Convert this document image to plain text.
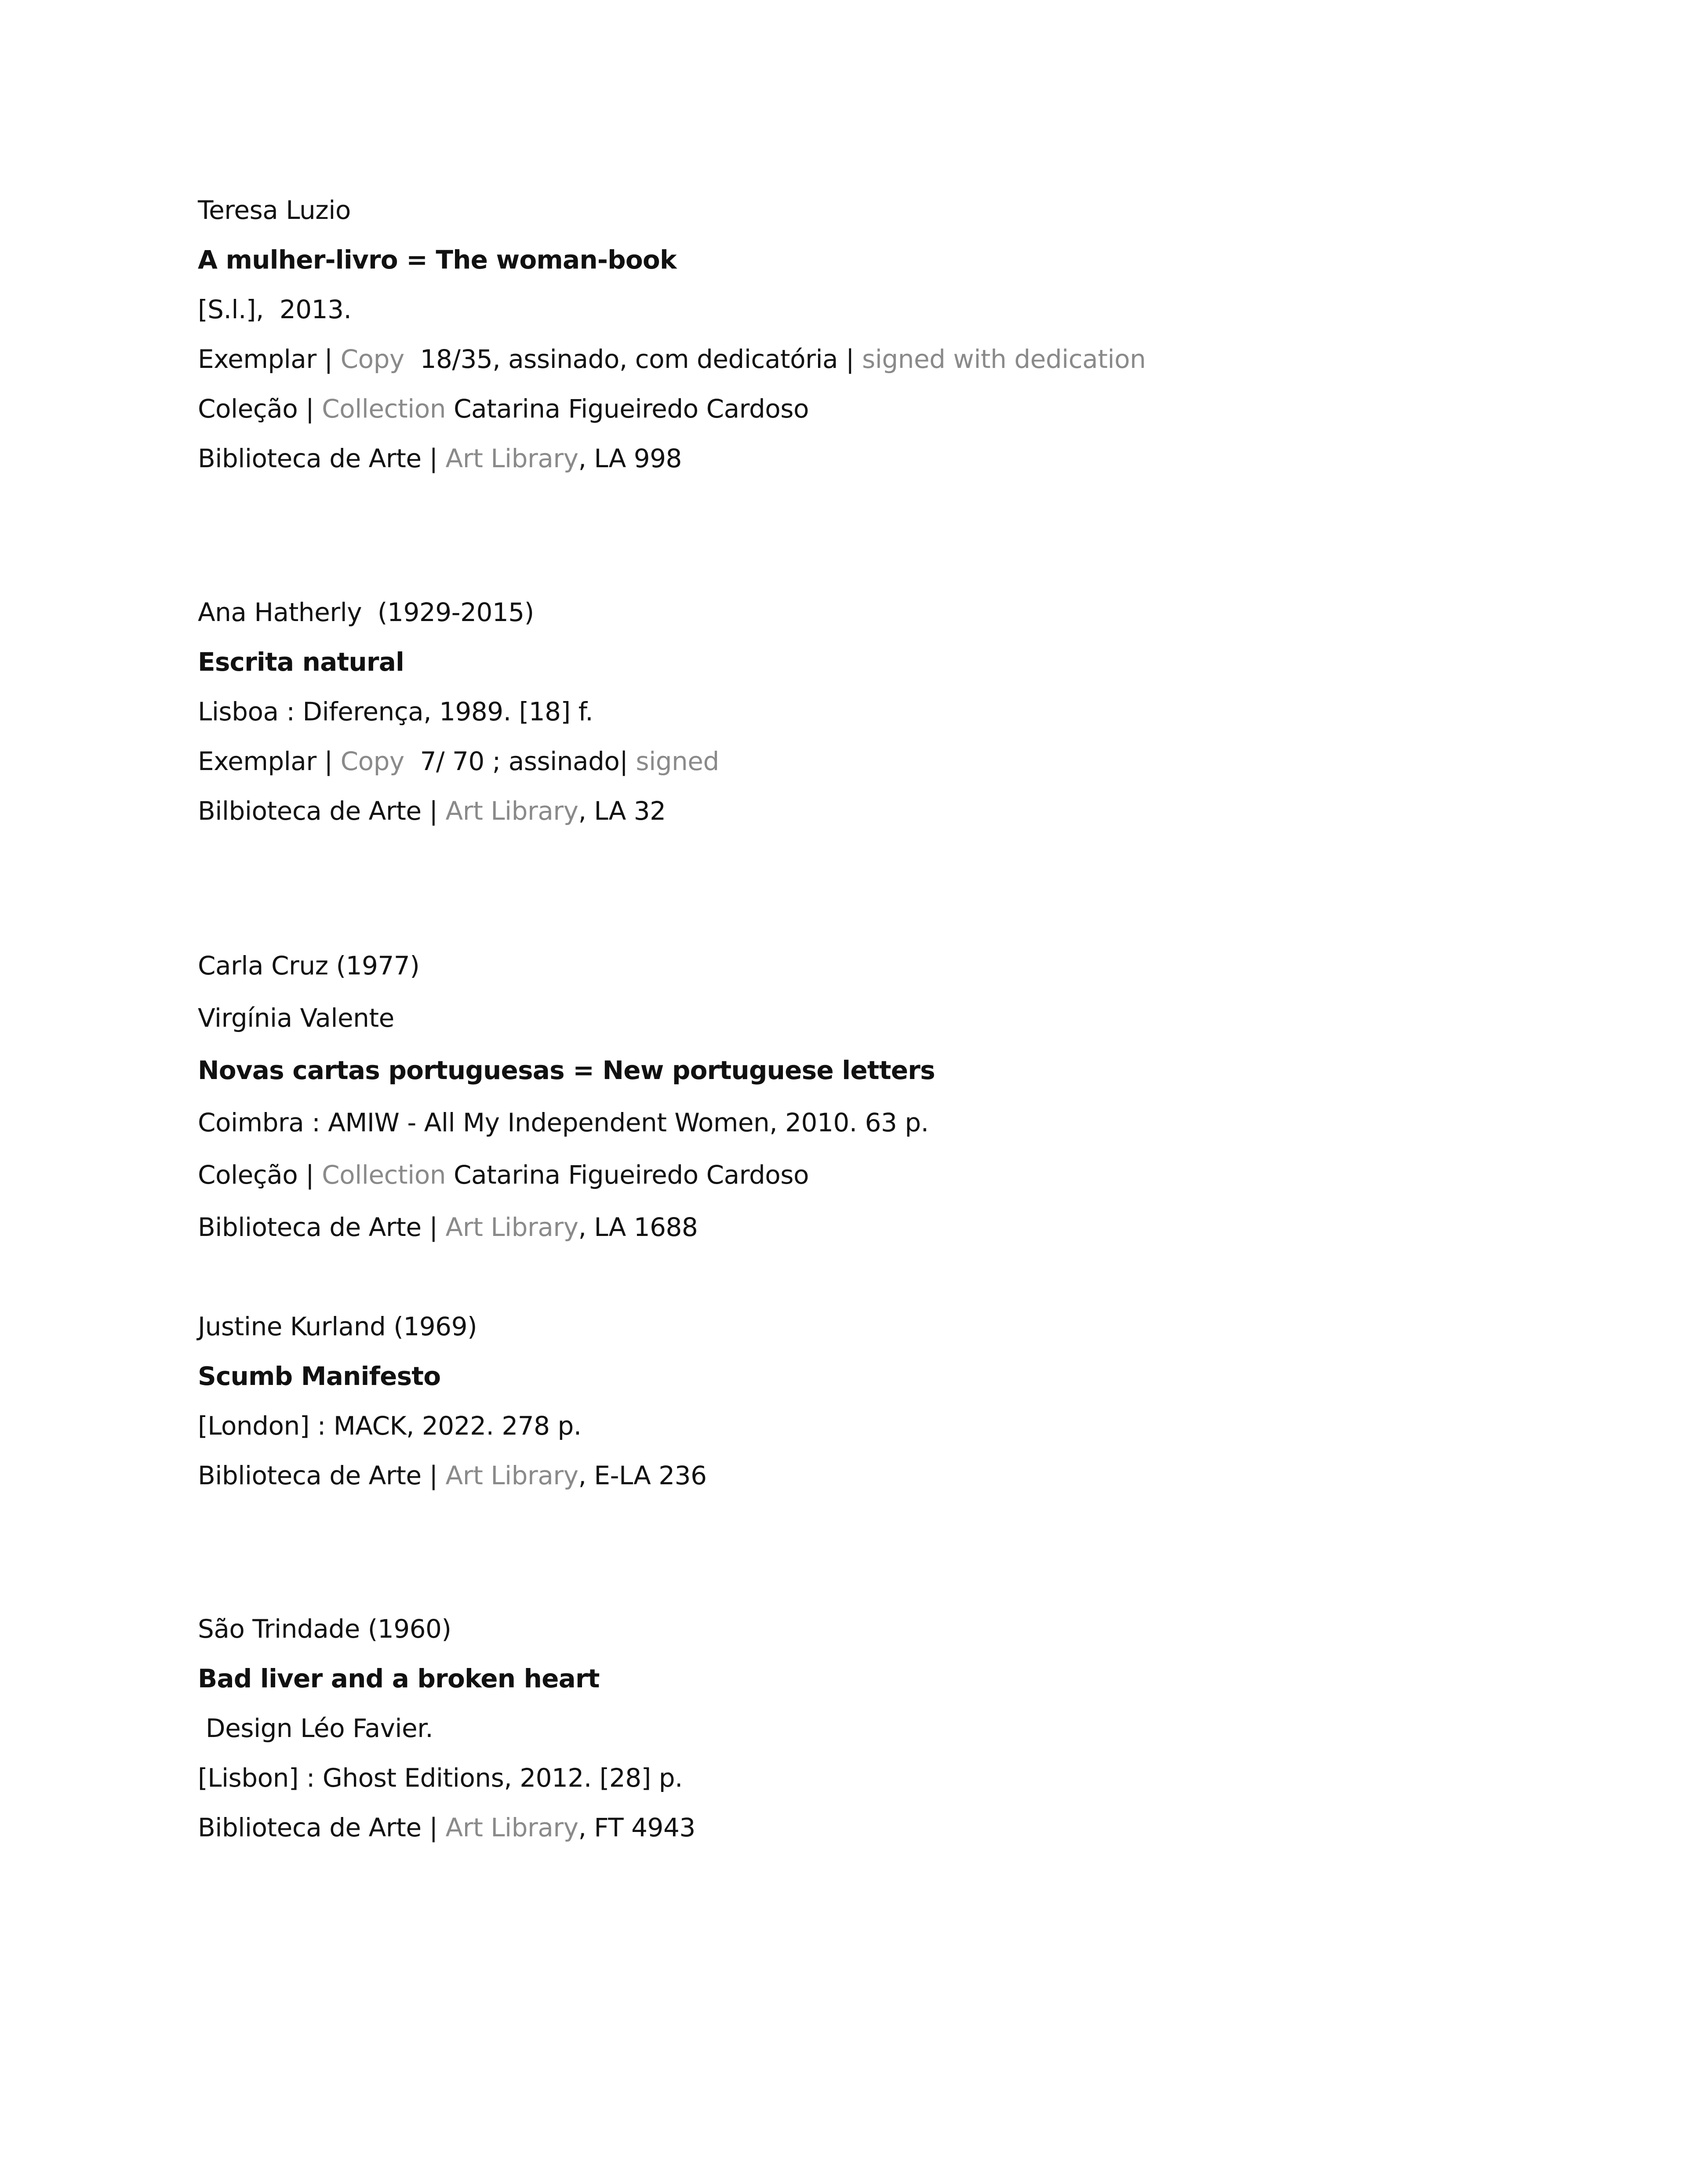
Teresa Luzio
A mulher-livro = The woman-book
[S.l.],  2013.
Exemplar | Copy  18/35, assinado, com dedicatória | signed with dedication
Coleção | Collection Catarina Figueiredo Cardoso
Biblioteca de Arte | Art Library, LA 998
Ana Hatherly  (1929-2015)
Escrita natural
Lisboa : Diferença, 1989. [18] f.
Exemplar | Copy  7/ 70 ; assinado| signed
Bilbioteca de Arte | Art Library, LA 32
Carla Cruz (1977)
Virgínia Valente
Novas cartas portuguesas = New portuguese letters
Coimbra : AMIW - All My Independent Women, 2010. 63 p.
Coleção | Collection Catarina Figueiredo Cardoso
Biblioteca de Arte | Art Library, LA 1688
Justine Kurland (1969)
Scumb Manifesto
[London] : MACK, 2022. 278 p.
Biblioteca de Arte | Art Library, E-LA 236
São Trindade (1960)
Bad liver and a broken heart
Design Léo Favier.
[Lisbon] : Ghost Editions, 2012. [28] p.
Biblioteca de Arte | Art Library, FT 4943
